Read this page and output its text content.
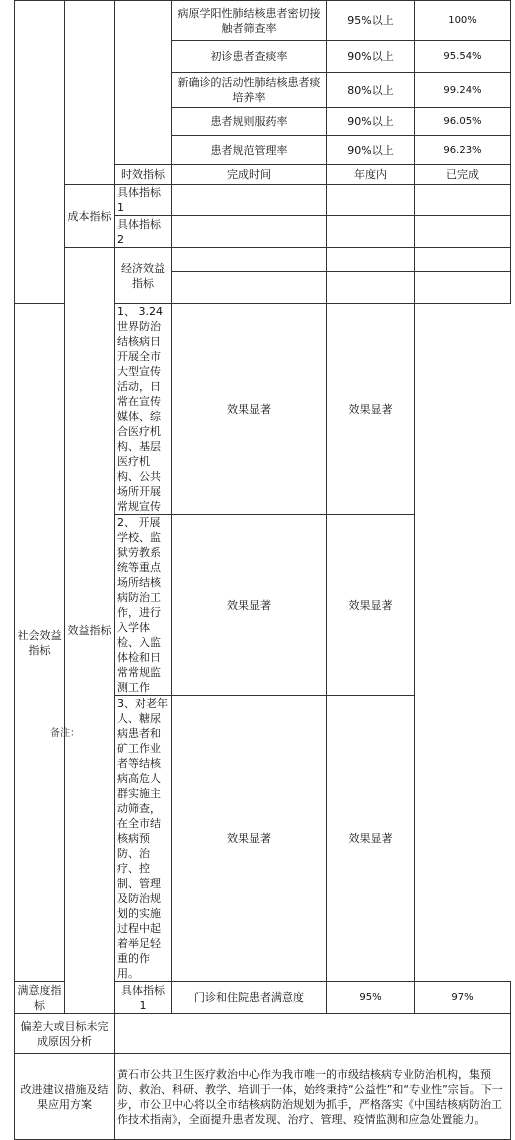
			病原学阳性肺结核患者密切接触者筛查率	95%以上	100%
			初诊患者查痰率	90%以上	95.54%
			新确诊的活动性肺结核患者痰培养率	80%以上	99.24%
			患者规则服药率	90%以上	96.05%
			患者规范管理率	90%以上	96.23%
		时效指标	完成时间	年度内	已完成
	成本指标	具体指标 1			
		具体指标 2			
	效益指标	经济效益指标			

社会效益指标		1、 3.24世界防治结核病日开展全市大型宣传活动，日常在宣传媒体、综合医疗机构、基层医疗机构、公共场所开展常规宣传	效果显著	效果显著	
		2、 开展学校、监狱劳教系统等重点场所结核病防治工作，进行入学体检、入监体检和日常常规监测工作	效果显著	效果显著	
		3、对老年人、糖尿病患者和矿工作业者等结核病高危人群实施主动筛查，在全市结核病预防、治疗、控制、管理及防治规划的实施过程中起着举足轻重的作用。	效果显著	效果显著	
满意度指标		具体指标 1	门诊和住院患者满意度	95%	97%
偏差大或目标未完成原因分析					
改进建议措施及结果应用方案		黄石市公共卫生医疗救治中心作为我市唯一的市级结核病专业防治机构，集预防、救治、科研、教学、培训于一体，始终秉持“公益性”和“专业性”宗旨。下一步，市公卫中心将以全市结核病防治规划为抓手，严格落实《中国结核病防治工作技术指南》，全面提升患者发现、治疗、管理、疫情监测和应急处置能力。			
备注：
